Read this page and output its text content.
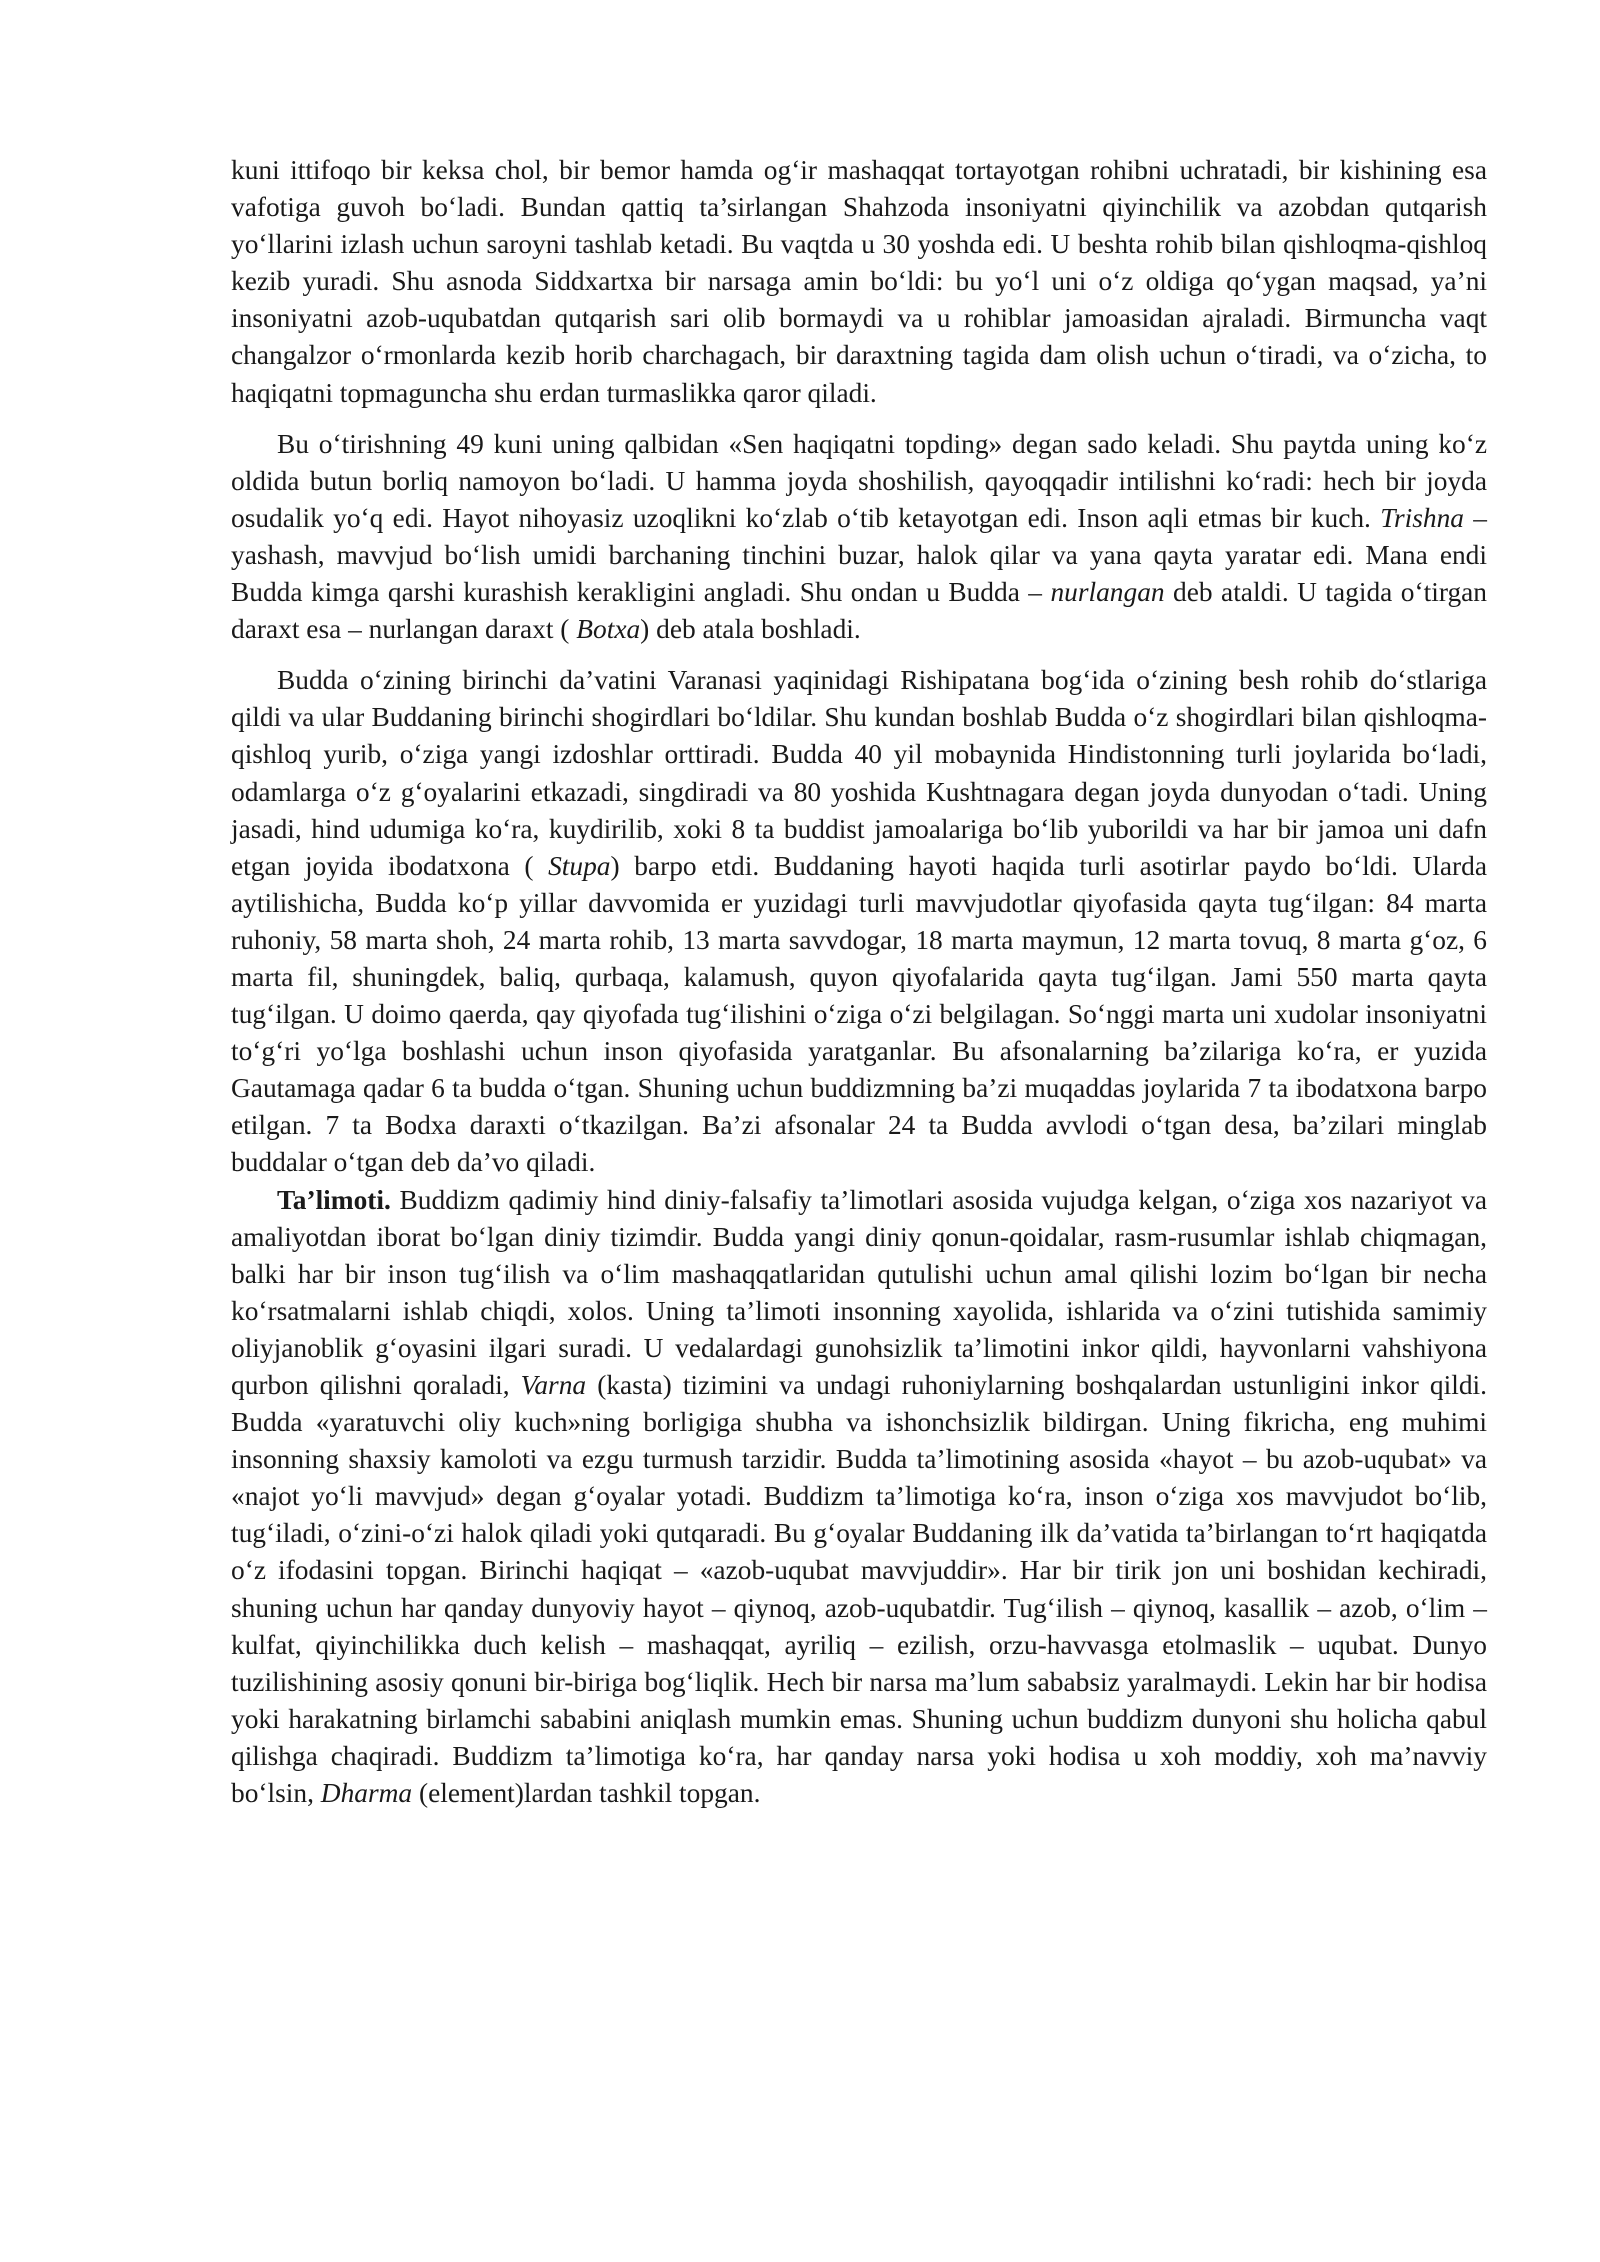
kuni ittifoqo bir keksa chol, bir bemor hamda og‘ir mashaqqat tortayotgan rohibni uchratadi, bir kishining esa vafotiga guvoh bo‘ladi. Bundan qattiq ta’sirlangan Shahzoda insoniyatni qiyinchilik va azobdan qutqarish yo‘llarini izlash uchun saroyni tashlab ketadi. Bu vaqtda u 30 yoshda edi. U beshta rohib bilan qishloqma-qishloq kezib yuradi. Shu asnoda Siddxartxa bir narsaga amin bo‘ldi: bu yo‘l uni o‘z oldiga qo‘ygan maqsad, ya’ni insoniyatni azob-uqubatdan qutqarish sari olib bormaydi va u rohiblar jamoasidan ajraladi. Birmuncha vaqt changalzor o‘rmonlarda kezib horib charchagach, bir daraxtning tagida dam olish uchun o‘tiradi, va o‘zicha, to haqiqatni topmaguncha shu erdan turmaslikka qaror qiladi.

Bu o‘tirishning 49 kuni uning qalbidan «Sen haqiqatni topding» degan sado keladi. Shu paytda uning ko‘z oldida butun borliq namoyon bo‘ladi. U hamma joyda shoshilish, qayoqqadir intilishni ko‘radi: hech bir joyda osudalik yo‘q edi. Hayot nihoyasiz uzoqlikni ko‘zlab o‘tib ketayotgan edi. Inson aqli etmas bir kuch. Trishna – yashash, mavvjud bo‘lish umidi barchaning tinchini buzar, halok qilar va yana qayta yaratar edi. Mana endi Budda kimga qarshi kurashish kerakligini angladi. Shu ondan u Budda – nurlangan deb ataldi. U tagida o‘tirgan daraxt esa – nurlangan daraxt ( Botxa) deb atala boshladi.

Budda o‘zining birinchi da’vatini Varanasi yaqinidagi Rishipatana bog‘ida o‘zining besh rohib do‘stlariga qildi va ular Buddaning birinchi shogirdlari bo‘ldilar. Shu kundan boshlab Budda o‘z shogirdlari bilan qishloqma-qishloq yurib, o‘ziga yangi izdoshlar orttiradi. Budda 40 yil mobaynida Hindistonning turli joylarida bo‘ladi, odamlarga o‘z g‘oyalarini etkazadi, singdiradi va 80 yoshida Kushtnagara degan joyda dunyodan o‘tadi. Uning jasadi, hind udumiga ko‘ra, kuydirilib, xoki 8 ta buddist jamoalariga bo‘lib yuborildi va har bir jamoa uni dafn etgan joyida ibodatxona ( Stupa) barpo etdi. Buddaning hayoti haqida turli asotirlar paydo bo‘ldi. Ularda aytilishicha, Budda ko‘p yillar davvomida er yuzidagi turli mavvjudotlar qiyofasida qayta tug‘ilgan: 84 marta ruhoniy, 58 marta shoh, 24 marta rohib, 13 marta savvdogar, 18 marta maymun, 12 marta tovuq, 8 marta g‘oz, 6 marta fil, shuningdek, baliq, qurbaqa, kalamush, quyon qiyofalarida qayta tug‘ilgan. Jami 550 marta qayta tug‘ilgan. U doimo qaerda, qay qiyofada tug‘ilishini o‘ziga o‘zi belgilagan. So‘nggi marta uni xudolar insoniyatni to‘g‘ri yo‘lga boshlashi uchun inson qiyofasida yaratganlar. Bu afsonalarning ba’zilariga ko‘ra, er yuzida Gautamaga qadar 6 ta budda o‘tgan. Shuning uchun buddizmning ba’zi muqaddas joylarida 7 ta ibodatxona barpo etilgan. 7 ta Bodxa daraxti o‘tkazilgan. Ba’zi afsonalar 24 ta Budda avvlodi o‘tgan desa, ba’zilari minglab buddalar o‘tgan deb da’vo qiladi.

Ta’limoti. Buddizm qadimiy hind diniy-falsafiy ta’limotlari asosida vujudga kelgan, o‘ziga xos nazariyot va amaliyotdan iborat bo‘lgan diniy tizimdir. Budda yangi diniy qonun-qoidalar, rasm-rusumlar ishlab chiqmagan, balki har bir inson tug‘ilish va o‘lim mashaqqatlaridan qutulishi uchun amal qilishi lozim bo‘lgan bir necha ko‘rsatmalarni ishlab chiqdi, xolos. Uning ta’limoti insonning xayolida, ishlarida va o‘zini tutishida samimiy oliyjanoblik g‘oyasini ilgari suradi. U vedalardagi gunohsizlik ta’limotini inkor qildi, hayvonlarni vahshiyona qurbon qilishni qoraladi, Varna (kasta) tizimini va undagi ruhoniylarning boshqalardan ustunligini inkor qildi. Budda «yaratuvchi oliy kuch»ning borligiga shubha va ishonchsizlik bildirgan. Uning fikricha, eng muhimi insonning shaxsiy kamoloti va ezgu turmush tarzidir. Budda ta’limotining asosida «hayot – bu azob-uqubat» va «najot yo‘li mavvjud» degan g‘oyalar yotadi. Buddizm ta’limotiga ko‘ra, inson o‘ziga xos mavvjudot bo‘lib, tug‘iladi, o‘zini-o‘zi halok qiladi yoki qutqaradi. Bu g‘oyalar Buddaning ilk da’vatida ta’birlangan to‘rt haqiqatda o‘z ifodasini topgan. Birinchi haqiqat – «azob-uqubat mavvjuddir». Har bir tirik jon uni boshidan kechiradi, shuning uchun har qanday dunyoviy hayot – qiynoq, azob-uqubatdir. Tug‘ilish – qiynoq, kasallik – azob, o‘lim – kulfat, qiyinchilikka duch kelish – mashaqqat, ayriliq – ezilish, orzu-havvasga etolmaslik – uqubat. Dunyo tuzilishining asosiy qonuni bir-biriga bog‘liqlik. Hech bir narsa ma’lum sababsiz yaralmaydi. Lekin har bir hodisa yoki harakatning birlamchi sababini aniqlash mumkin emas. Shuning uchun buddizm dunyoni shu holicha qabul qilishga chaqiradi. Buddizm ta’limotiga ko‘ra, har qanday narsa yoki hodisa u xoh moddiy, xoh ma’navviy bo‘lsin, Dharma (element)lardan tashkil topgan.
